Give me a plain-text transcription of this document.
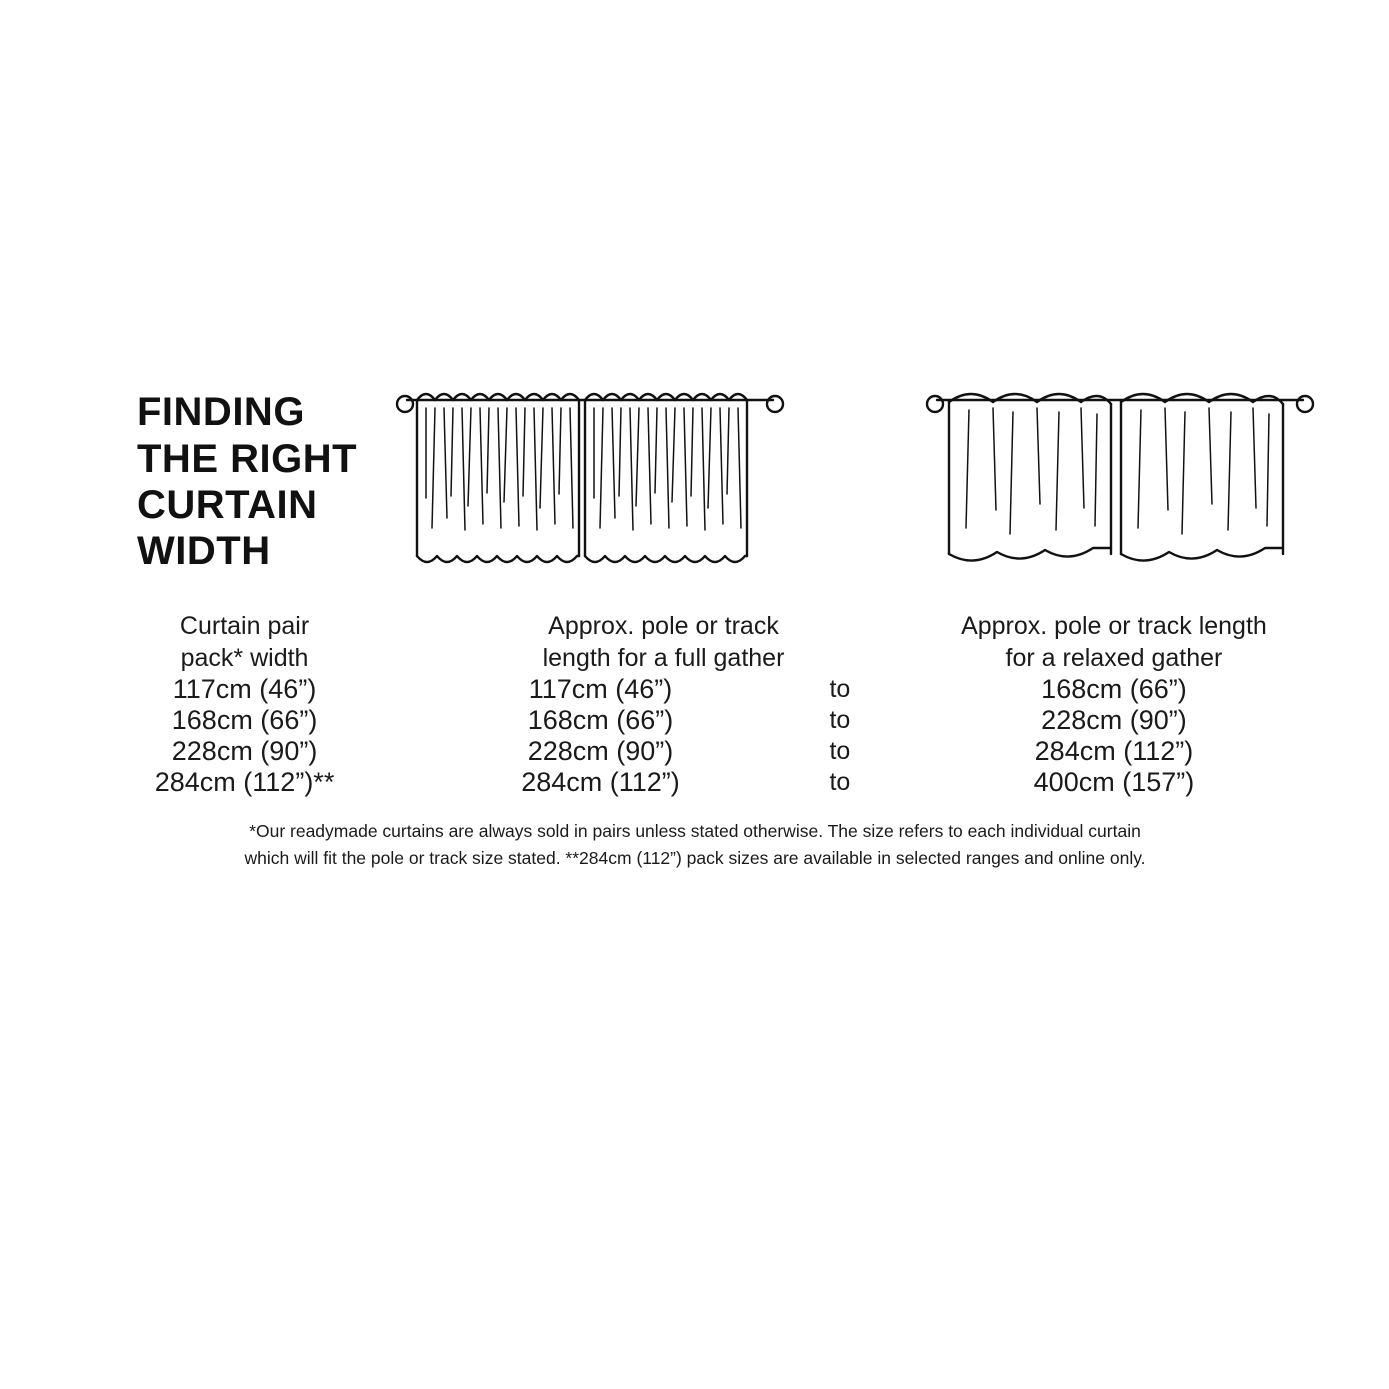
FINDING
THE RIGHT
CURTAIN
WIDTH
Curtain pair
pack* width

Approx. pole or track
length for a full gather

Approx. pole or track length
for a relaxed gather

117cm (46”)	117cm (46”)	to	168cm (66”)
168cm (66”)	168cm (66”)	to	228cm (90”)
228cm (90”)	228cm (90”)	to	284cm (112”)
284cm (112”)**	284cm (112”)	to	400cm (157”)

*Our readymade curtains are always sold in pairs unless stated otherwise. The size refers to each individual curtain
which will fit the pole or track size stated. **284cm (112”) pack sizes are available in selected ranges and online only.
